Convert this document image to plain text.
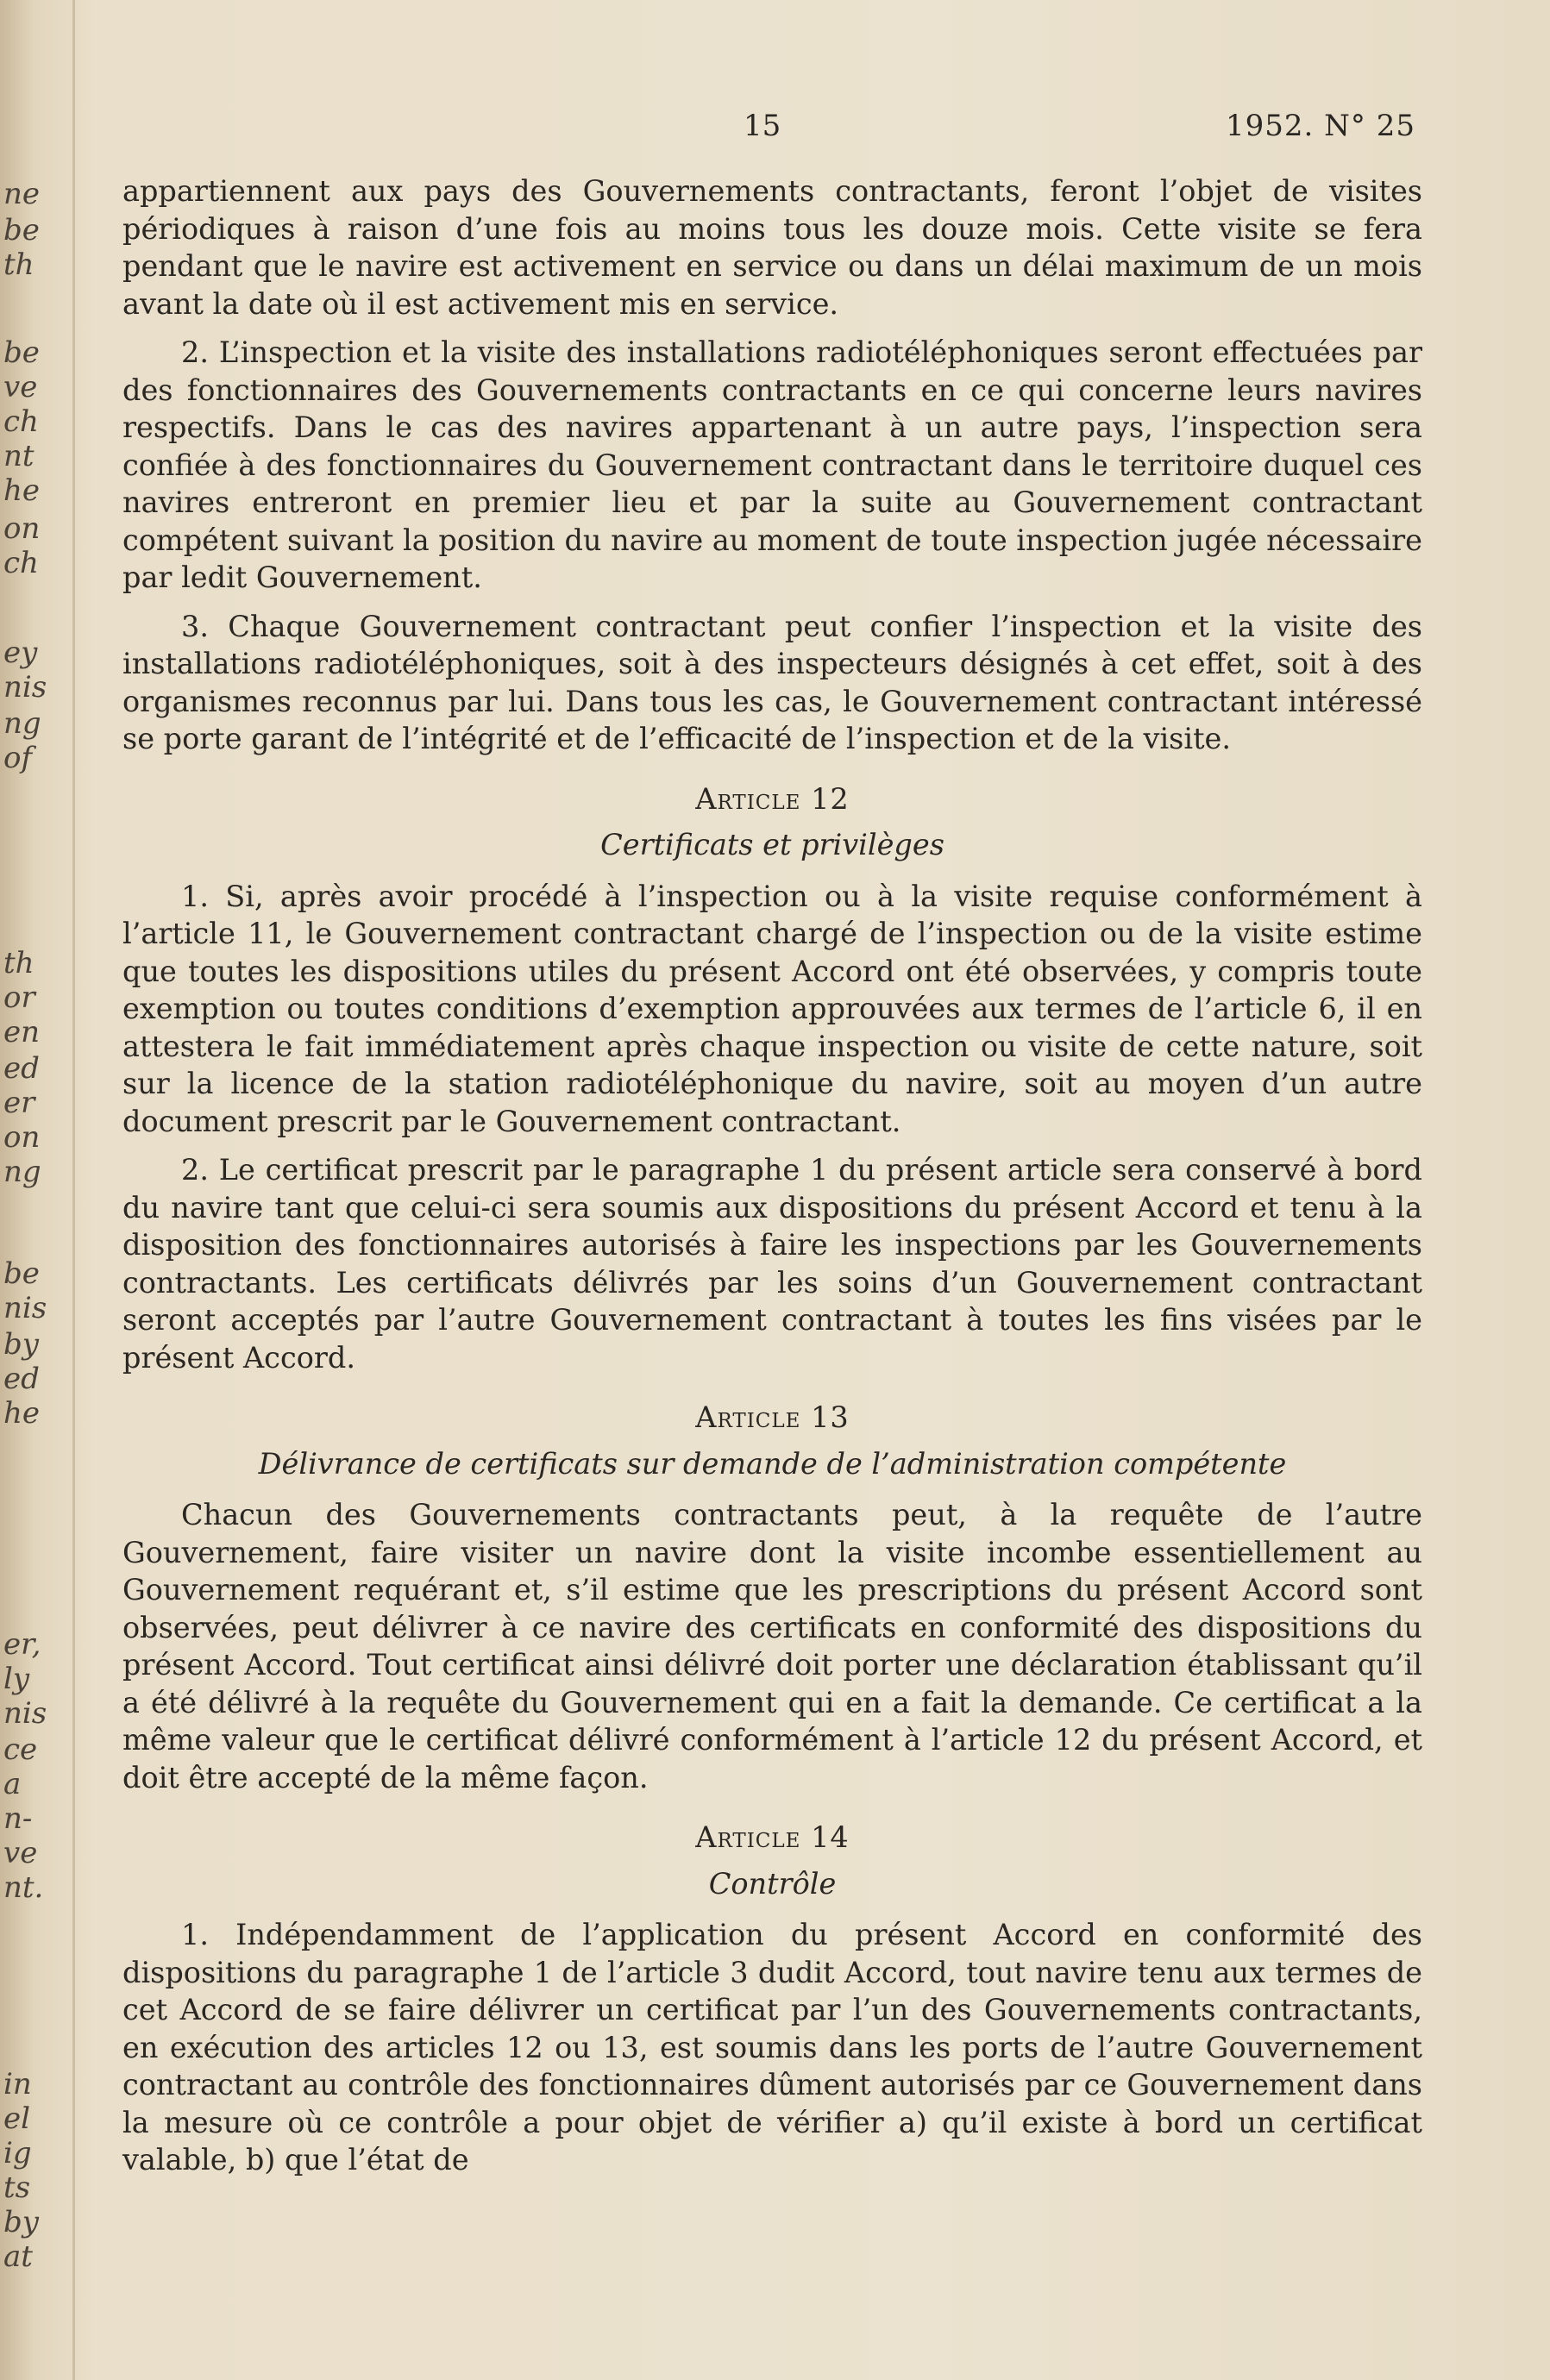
ne
be
th
be
ve
ch
nt
he
on
ch
ey
nis
ng
of
th
or
en
ed
er
on
ng
be
nis
by
ed
he
er,
ly
nis
ce
a
n-
ve
nt.
in
el
ig
ts
by
at
15	1952. N° 25

appartiennent aux pays des Gouvernements contractants, feront l’objet de visites périodiques à raison d’une fois au moins tous les douze mois. Cette visite se fera pendant que le navire est activement en service ou dans un délai maximum de un mois avant la date où il est activement mis en service.

2. L’inspection et la visite des installations radiotéléphoniques seront effectuées par des fonctionnaires des Gouvernements contractants en ce qui concerne leurs navires respectifs. Dans le cas des navires appartenant à un autre pays, l’inspection sera confiée à des fonctionnaires du Gouvernement contractant dans le territoire duquel ces navires entreront en premier lieu et par la suite au Gouvernement contractant compétent suivant la position du navire au moment de toute inspection jugée nécessaire par ledit Gouvernement.

3. Chaque Gouvernement contractant peut confier l’inspection et la visite des installations radiotéléphoniques, soit à des inspecteurs désignés à cet effet, soit à des organismes reconnus par lui. Dans tous les cas, le Gouvernement contractant intéressé se porte garant de l’intégrité et de l’efficacité de l’inspection et de la visite.

Article 12

Certificats et privilèges

1. Si, après avoir procédé à l’inspection ou à la visite requise conformément à l’article 11, le Gouvernement contractant chargé de l’inspection ou de la visite estime que toutes les dispositions utiles du présent Accord ont été observées, y compris toute exemption ou toutes conditions d’exemption approuvées aux termes de l’article 6, il en attestera le fait immédiatement après chaque inspection ou visite de cette nature, soit sur la licence de la station radiotéléphonique du navire, soit au moyen d’un autre document prescrit par le Gouvernement contractant.

2. Le certificat prescrit par le paragraphe 1 du présent article sera conservé à bord du navire tant que celui-ci sera soumis aux dispositions du présent Accord et tenu à la disposition des fonctionnaires autorisés à faire les inspections par les Gouvernements contractants. Les certificats délivrés par les soins d’un Gouvernement contractant seront acceptés par l’autre Gouvernement contractant à toutes les fins visées par le présent Accord.

Article 13

Délivrance de certificats sur demande de l’administration compétente

Chacun des Gouvernements contractants peut, à la requête de l’autre Gouvernement, faire visiter un navire dont la visite incombe essentiellement au Gouvernement requérant et, s’il estime que les prescriptions du présent Accord sont observées, peut délivrer à ce navire des certificats en conformité des dispositions du présent Accord. Tout certificat ainsi délivré doit porter une déclaration établissant qu’il a été délivré à la requête du Gouvernement qui en a fait la demande. Ce certificat a la même valeur que le certificat délivré conformément à l’article 12 du présent Accord, et doit être accepté de la même façon.

Article 14

Contrôle

1. Indépendamment de l’application du présent Accord en conformité des dispositions du paragraphe 1 de l’article 3 dudit Accord, tout navire tenu aux termes de cet Accord de se faire délivrer un certificat par l’un des Gouvernements contractants, en exécution des articles 12 ou 13, est soumis dans les ports de l’autre Gouvernement contractant au contrôle des fonctionnaires dûment autorisés par ce Gouvernement dans la mesure où ce contrôle a pour objet de vérifier a) qu’il existe à bord un certificat valable, b) que l’état de
